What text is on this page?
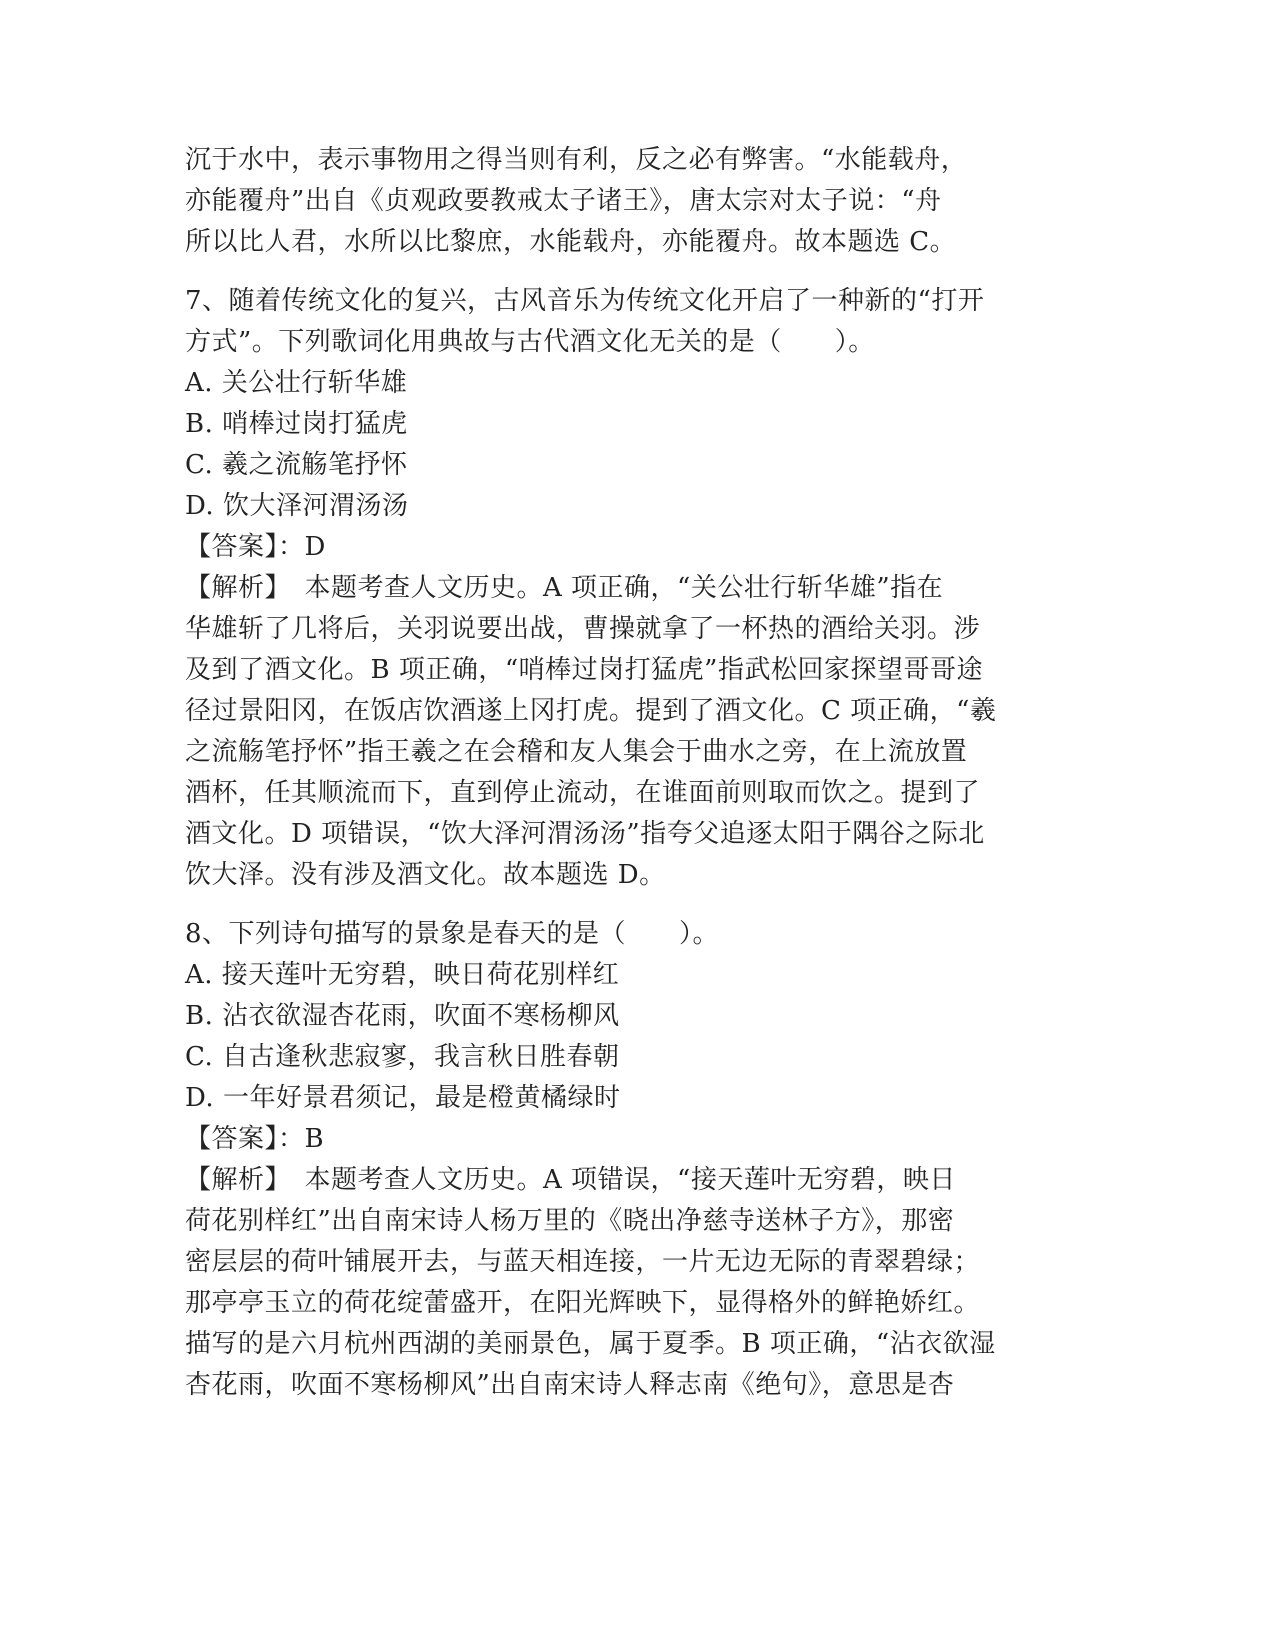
沉于水中，表示事物用之得当则有利，反之必有弊害。“水能载舟，
亦能覆舟”出自《贞观政要教戒太子诸王》，唐太宗对太子说：“舟
所以比人君，水所以比黎庶，水能载舟，亦能覆舟。故本题选 C。
7、随着传统文化的复兴，古风音乐为传统文化开启了一种新的“打开
方式”。下列歌词化用典故与古代酒文化无关的是（　　）。
A. 关公壮行斩华雄
B. 哨棒过岗打猛虎
C. 羲之流觞笔抒怀
D. 饮大泽河渭汤汤
【答案】：D
【解析】　本题考查人文历史。A 项正确，“关公壮行斩华雄”指在
华雄斩了几将后，关羽说要出战，曹操就拿了一杯热的酒给关羽。涉
及到了酒文化。B 项正确，“哨棒过岗打猛虎”指武松回家探望哥哥途
径过景阳冈，在饭店饮酒遂上冈打虎。提到了酒文化。C 项正确，“羲
之流觞笔抒怀”指王羲之在会稽和友人集会于曲水之旁，在上流放置
酒杯，任其顺流而下，直到停止流动，在谁面前则取而饮之。提到了
酒文化。D 项错误，“饮大泽河渭汤汤”指夸父追逐太阳于隅谷之际北
饮大泽。没有涉及酒文化。故本题选 D。
8、下列诗句描写的景象是春天的是（　　）。
A. 接天莲叶无穷碧，映日荷花别样红
B. 沾衣欲湿杏花雨，吹面不寒杨柳风
C. 自古逢秋悲寂寥，我言秋日胜春朝
D. 一年好景君须记，最是橙黄橘绿时
【答案】：B
【解析】　本题考查人文历史。A 项错误，“接天莲叶无穷碧，映日
荷花别样红”出自南宋诗人杨万里的《晓出净慈寺送林子方》，那密
密层层的荷叶铺展开去，与蓝天相连接，一片无边无际的青翠碧绿；
那亭亭玉立的荷花绽蕾盛开，在阳光辉映下，显得格外的鲜艳娇红。
描写的是六月杭州西湖的美丽景色，属于夏季。B 项正确，“沾衣欲湿
杏花雨，吹面不寒杨柳风”出自南宋诗人释志南《绝句》，意思是杏
